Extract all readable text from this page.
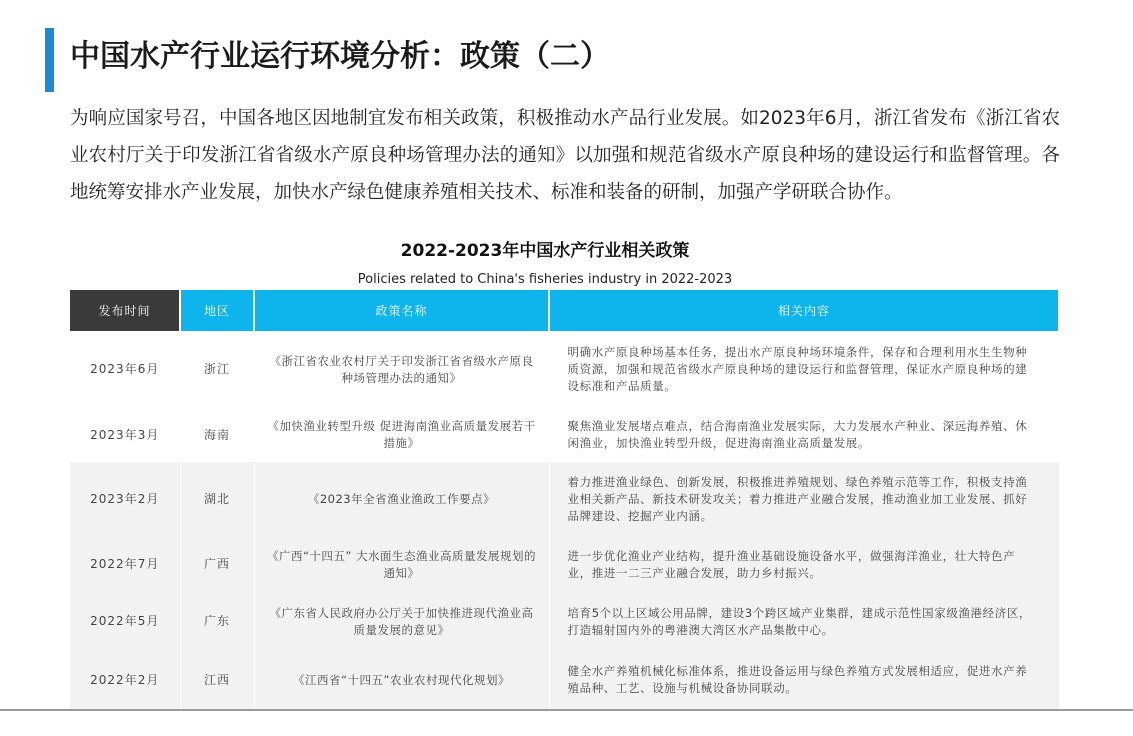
中国水产行业运行环境分析：政策（二）
为响应国家号召，中国各地区因地制宜发布相关政策，积极推动水产品行业发展。如2023年6月，浙江省发布《浙江省农业农村厅关于印发浙江省省级水产原良种场管理办法的通知》以加强和规范省级水产原良种场的建设运行和监督管理。各地统筹安排水产业发展，加快水产绿色健康养殖相关技术、标准和装备的研制，加强产学研联合协作。
2022-2023年中国水产行业相关政策
Policies related to China's fisheries industry in 2022-2023
发布时间	地区	政策名称	相关内容
2023年6月	浙江	《浙江省农业农村厅关于印发浙江省省级水产原良种场管理办法的通知》	明确水产原良种场基本任务，提出水产原良种场环境条件，保存和合理利用水生生物种质资源，加强和规范省级水产原良种场的建设运行和监督管理，保证水产原良种场的建设标准和产品质量。
2023年3月	海南	《加快渔业转型升级 促进海南渔业高质量发展若干措施》	聚焦渔业发展堵点难点，结合海南渔业发展实际，大力发展水产种业、深远海养殖、休闲渔业，加快渔业转型升级，促进海南渔业高质量发展。
2023年2月	湖北	《2023年全省渔业渔政工作要点》	着力推进渔业绿色、创新发展，积极推进养殖规划、绿色养殖示范等工作，积极支持渔业相关新产品、新技术研发攻关；着力推进产业融合发展，推动渔业加工业发展、抓好品牌建设、挖掘产业内涵。
2022年7月	广西	《广西“十四五” 大水面生态渔业高质量发展规划的通知》	进一步优化渔业产业结构，提升渔业基础设施设备水平，做强海洋渔业，壮大特色产业，推进一二三产业融合发展，助力乡村振兴。
2022年5月	广东	《广东省人民政府办公厅关于加快推进现代渔业高质量发展的意见》	培育5个以上区域公用品牌，建设3个跨区域产业集群，建成示范性国家级渔港经济区，打造辐射国内外的粤港澳大湾区水产品集散中心。
2022年2月	江西	《江西省“十四五”农业农村现代化规划》	健全水产养殖机械化标准体系，推进设备运用与绿色养殖方式发展相适应，促进水产养殖品种、工艺、设施与机械设备协同联动。
